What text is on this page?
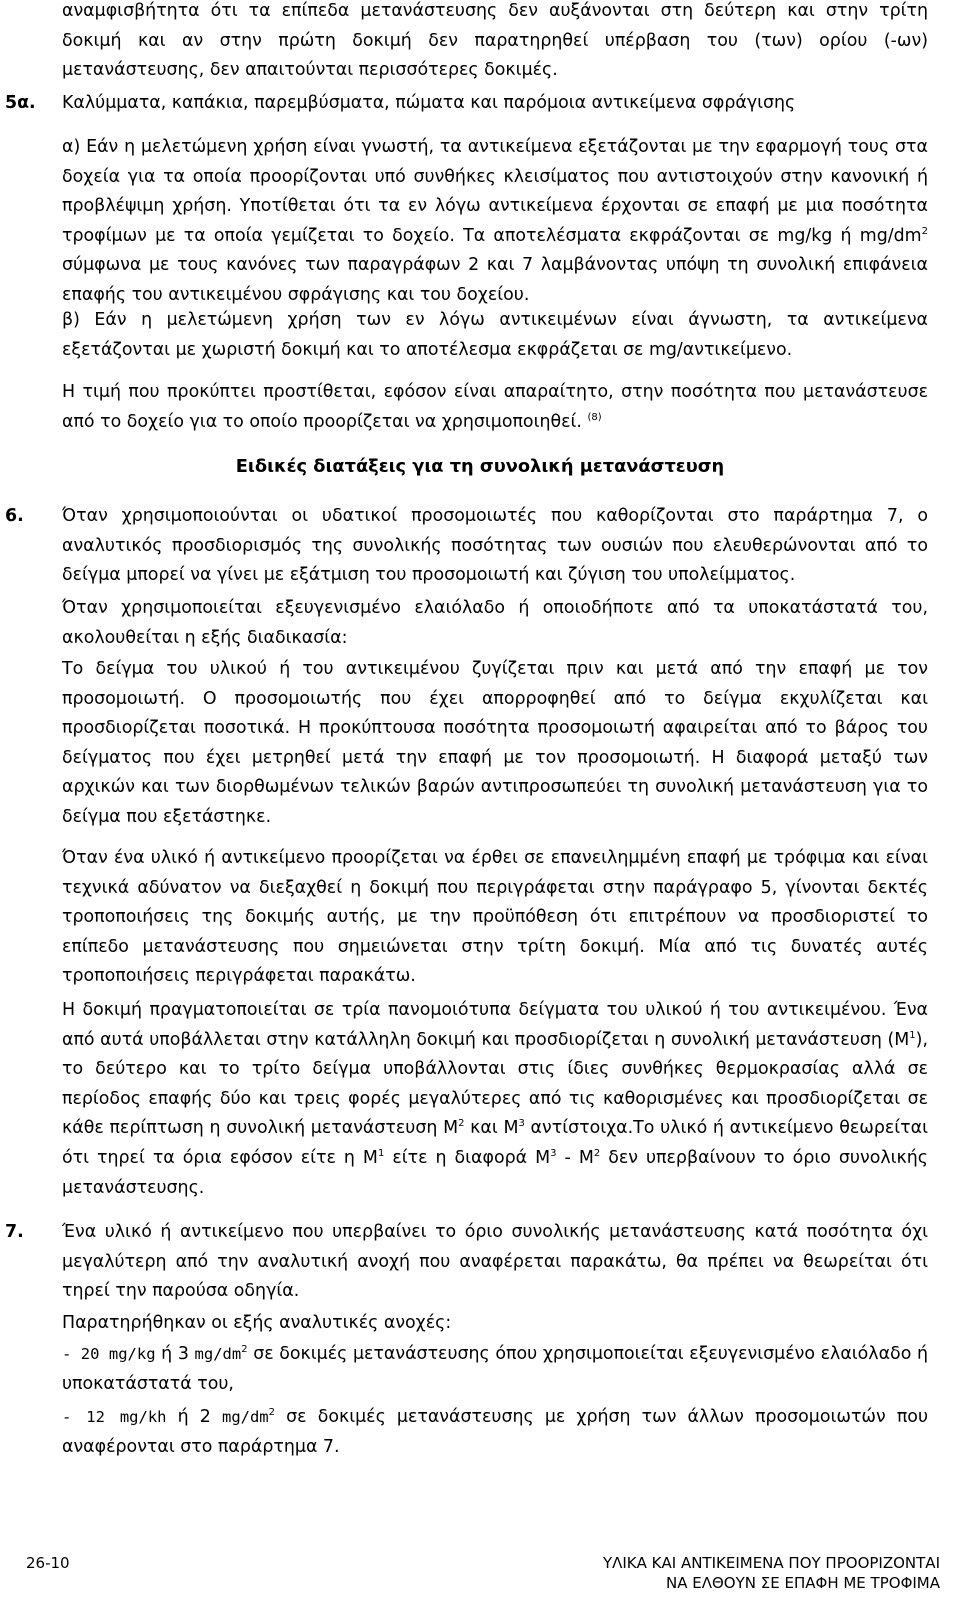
αναμφισβήτητα ότι τα επίπεδα μετανάστευσης δεν αυξάνονται στη δεύτερη και στην τρίτη δοκιμή και αν στην πρώτη δοκιμή δεν παρατηρηθεί υπέρβαση του (των) ορίου (-ων) μετανάστευσης, δεν απαιτούνται περισσότερες δοκιμές.

5α. Καλύμματα, καπάκια, παρεμβύσματα, πώματα και παρόμοια αντικείμενα σφράγισης

α) Εάν η μελετώμενη χρήση είναι γνωστή, τα αντικείμενα εξετάζονται με την εφαρμογή τους στα δοχεία για τα οποία προορίζονται υπό συνθήκες κλεισίματος που αντιστοιχούν στην κανονική ή προβλέψιμη χρήση. Υποτίθεται ότι τα εν λόγω αντικείμενα έρχονται σε επαφή με μια ποσότητα τροφίμων με τα οποία γεμίζεται το δοχείο. Τα αποτελέσματα εκφράζονται σε mg/kg ή $mg/dm^2$ σύμφωνα με τους κανόνες των παραγράφων 2 και 7 λαμβάνοντας υπόψη τη συνολική επιφάνεια επαφής του αντικειμένου σφράγισης και του δοχείου.

β) Εάν η μελετώμενη χρήση των εν λόγω αντικειμένων είναι άγνωστη, τα αντικείμενα εξετάζονται με χωριστή δοκιμή και το αποτέλεσμα εκφράζεται σε mg/αντικείμενο.

Η τιμή που προκύπτει προστίθεται, εφόσον είναι απαραίτητο, στην ποσότητα που μετανάστευσε από το δοχείο για το οποίο προορίζεται να χρησιμοποιηθεί. $^{(8)}$

Ειδικές διατάξεις για τη συνολική μετανάστευση
6. Όταν χρησιμοποιούνται οι υδατικοί προσομοιωτές που καθορίζονται στο παράρτημα 7, ο αναλυτικός προσδιορισμός της συνολικής ποσότητας των ουσιών που ελευθερώνονται από το δείγμα μπορεί να γίνει με εξάτμιση του προσομοιωτή και ζύγιση του υπολείμματος.

Όταν χρησιμοποιείται εξευγενισμένο ελαιόλαδο ή οποιοδήποτε από τα υποκατάστατά του, ακολουθείται η εξής διαδικασία:

Το δείγμα του υλικού ή του αντικειμένου ζυγίζεται πριν και μετά από την επαφή με τον προσομοιωτή. Ο προσομοιωτής που έχει απορροφηθεί από το δείγμα εκχυλίζεται και προσδιορίζεται ποσοτικά. Η προκύπτουσα ποσότητα προσομοιωτή αφαιρείται από το βάρος του δείγματος που έχει μετρηθεί μετά την επαφή με τον προσομοιωτή. Η διαφορά μεταξύ των αρχικών και των διορθωμένων τελικών βαρών αντιπροσωπεύει τη συνολική μετανάστευση για το δείγμα που εξετάστηκε.

Όταν ένα υλικό ή αντικείμενο προορίζεται να έρθει σε επανειλημμένη επαφή με τρόφιμα και είναι τεχνικά αδύνατον να διεξαχθεί η δοκιμή που περιγράφεται στην παράγραφο 5, γίνονται δεκτές τροποποιήσεις της δοκιμής αυτής, με την προϋπόθεση ότι επιτρέπουν να προσδιοριστεί το επίπεδο μετανάστευσης που σημειώνεται στην τρίτη δοκιμή. Μία από τις δυνατές αυτές τροποποιήσεις περιγράφεται παρακάτω.

Η δοκιμή πραγματοποιείται σε τρία πανομοιότυπα δείγματα του υλικού ή του αντικειμένου. Ένα από αυτά υποβάλλεται στην κατάλληλη δοκιμή και προσδιορίζεται η συνολική μετανάστευση $(M^1)$, το δεύτερο και το τρίτο δείγμα υποβάλλονται στις ίδιες συνθήκες θερμοκρασίας αλλά σε περίοδος επαφής δύο και τρεις φορές μεγαλύτερες από τις καθορισμένες και προσδιορίζεται σε κάθε περίπτωση η συνολική μετανάστευση $M^2$ και $M^3$ αντίστοιχα.Το υλικό ή αντικείμενο θεωρείται ότι τηρεί τα όρια εφόσον είτε η $M^1$ είτε η διαφορά $M^3 - M^2$ δεν υπερβαίνουν το όριο συνολικής μετανάστευσης.

7. Ένα υλικό ή αντικείμενο που υπερβαίνει το όριο συνολικής μετανάστευσης κατά ποσότητα όχι μεγαλύτερη από την αναλυτική ανοχή που αναφέρεται παρακάτω, θα πρέπει να θεωρείται ότι τηρεί την παρούσα οδηγία.

Παρατηρήθηκαν οι εξής αναλυτικές ανοχές:

- 20 mg/kg ή 3 $mg/dm^2$ σε δοκιμές μετανάστευσης όπου χρησιμοποιείται εξευγενισμένο ελαιόλαδο ή υποκατάστατά του,

- 12 mg/kh ή 2 $mg/dm^2$ σε δοκιμές μετανάστευσης με χρήση των άλλων προσομοιωτών που αναφέρονται στο παράρτημα 7.

26-10	ΥΛΙΚΑ ΚΑΙ ΑΝΤΙΚΕΙΜΕΝΑ ΠΟΥ ΠΡΟΟΡΙΖΟΝΤΑΙ
ΝΑ ΕΛΘΟΥΝ ΣΕ ΕΠΑΦΗ ΜΕ ΤΡΟΦΙΜΑ
